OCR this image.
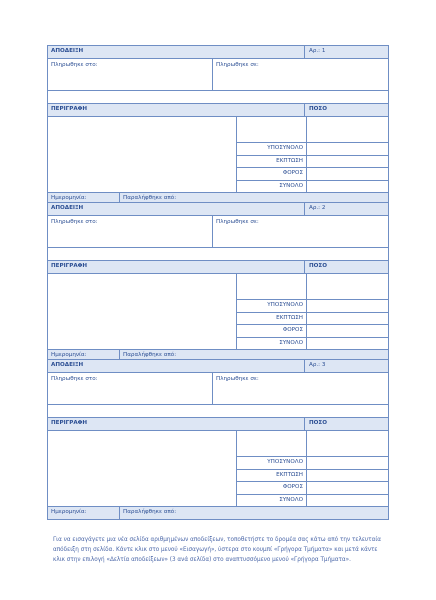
ΑΠΟΔΕΙΞΗ	Αρ.: 1
Πληρωθηκε στο:	Πληρωθηκε σε:
ΠΕΡΙΓΡΑΦΗ	ΠΟΣΟ
ΥΠΟΣΥΝΟΛΟ
ΕΚΠΤΩΣΗ
ΦΟΡΟΣ
ΣΥΝΟΛΟ
Ημερομηνία:	Παραλήφθηκε από:
ΑΠΟΔΕΙΞΗ	Αρ.: 2
Πληρωθηκε στο:	Πληρωθηκε σε:
ΠΕΡΙΓΡΑΦΗ	ΠΟΣΟ
ΥΠΟΣΥΝΟΛΟ
ΕΚΠΤΩΣΗ
ΦΟΡΟΣ
ΣΥΝΟΛΟ
Ημερομηνία:	Παραλήφθηκε από:
ΑΠΟΔΕΙΞΗ	Αρ.: 3
Πληρωθηκε στο:	Πληρωθηκε σε:
ΠΕΡΙΓΡΑΦΗ	ΠΟΣΟ
ΥΠΟΣΥΝΟΛΟ
ΕΚΠΤΩΣΗ
ΦΟΡΟΣ
ΣΥΝΟΛΟ
Ημερομηνία:	Παραλήφθηκε από:
Για να εισαγάγετε μια νέα σελίδα αριθμημένων αποδείξεων, τοποθετήστε το δρομέα σας κάτω από την τελευταία απόδειξη στη σελίδα. Κάντε κλικ στο μενού «Εισαγωγή», ύστερα στο κουμπί «Γρήγορα Τμήματα» και μετά κάντε κλικ στην επιλογή «Δελτία αποδείξεων» (3 ανά σελίδα) στο αναπτυσσόμενο μενού «Γρήγορα Τμήματα».
